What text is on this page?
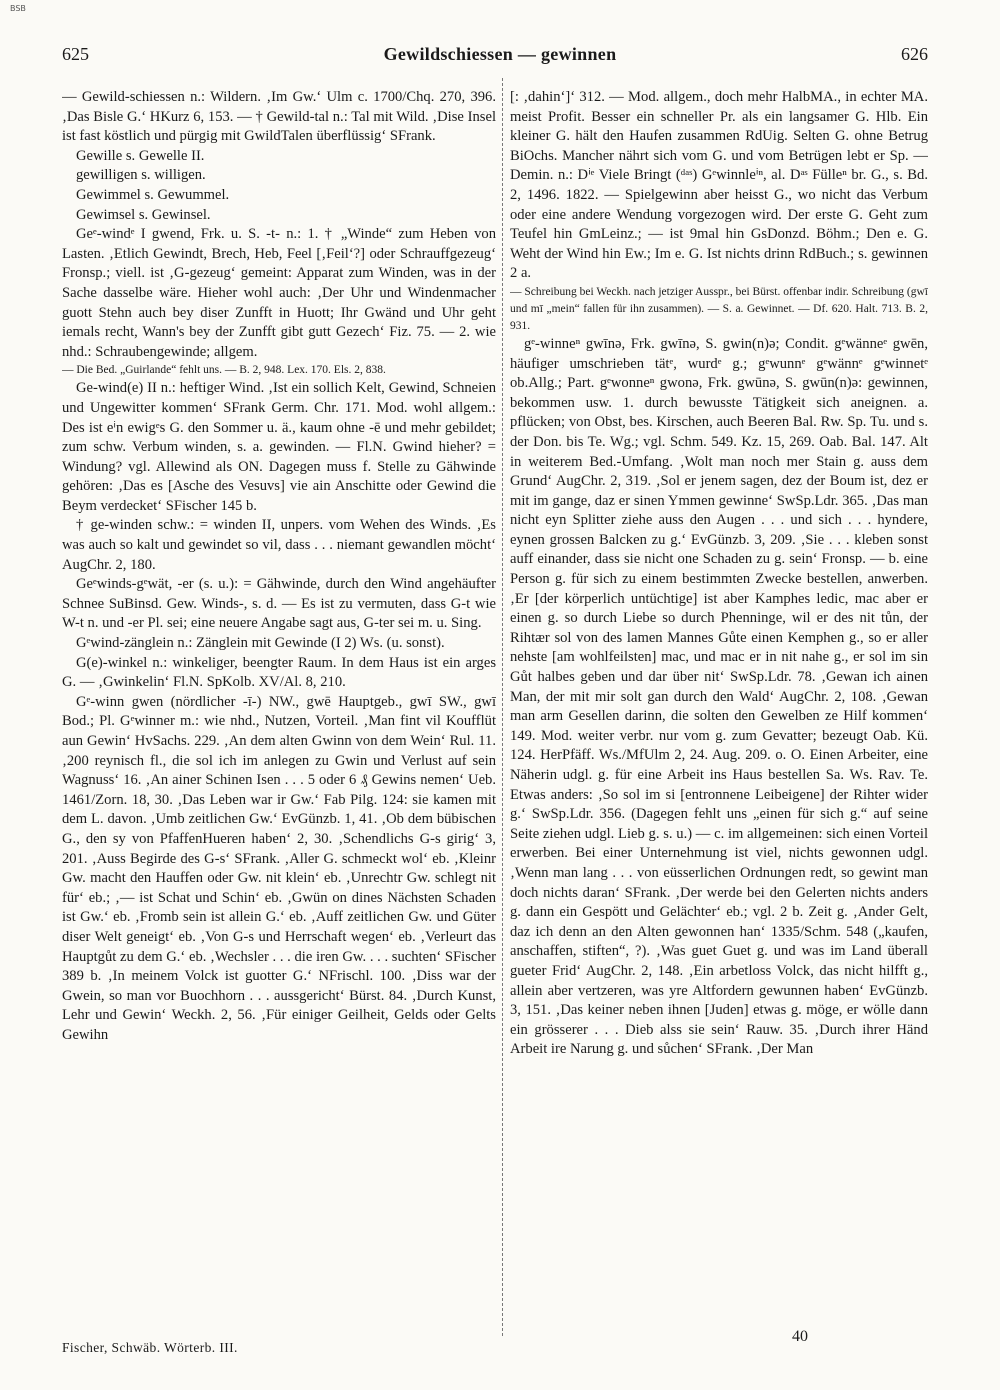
BSB
625	Gewildschiessen — gewinnen	626

— Gewild-schiessen n.: Wildern. ‚Im Gw.‘ Ulm c. 1700/Chq. 270, 396. ‚Das Bisle G.‘ HKurz 6, 153. — † Gewild-tal n.: Tal mit Wild. ‚Dise Insel ist fast köstlich und pürgig mit GwildTalen überflüssig‘ SFrank.

Gewille s. Gewelle II.

gewilligen s. willigen.

Gewimmel s. Gewummel.

Gewimsel s. Gewinsel.

Geᵉ-windᵉ I gwend, Frk. u. S. -t- n.: 1. † „Winde“ zum Heben von Lasten. ‚Etlich Gewindt, Brech, Heb, Feel [‚Feil‘?] oder Schrauffgezeug‘ Fronsp.; viell. ist ‚G-gezeug‘ gemeint: Apparat zum Winden, was in der Sache dasselbe wäre. Hieher wohl auch: ‚Der Uhr und Windenmacher guott Stehn auch bey diser Zunfft in Huott; Ihr Gwänd und Uhr geht iemals recht, Wann's bey der Zunfft gibt gutt Gezech‘ Fiz. 75. — 2. wie nhd.: Schraubengewinde; allgem.

— Die Bed. „Guirlande“ fehlt uns. — B. 2, 948. Lex. 170. Els. 2, 838.

Ge-wind(e) II n.: heftiger Wind. ‚Ist ein sollich Kelt, Gewind, Schneien und Ungewitter kommen‘ SFrank Germ. Chr. 171. Mod. wohl allgem.: Des ist eⁱn ewigᵉs G. den Sommer u. ä., kaum ohne -ē und mehr gebildet; zum schw. Verbum winden, s. a. gewinden. — Fl.N. Gwind hieher? = Windung? vgl. Allewind als ON. Dagegen muss f. Stelle zu Gähwinde gehören: ‚Das es [Asche des Vesuvs] vie ain Anschitte oder Gewind die Beym verdecket‘ SFischer 145 b.

† ge-winden schw.: = winden II, unpers. vom Wehen des Winds. ‚Es was auch so kalt und gewindet so vil, dass . . . niemant gewandlen möcht‘ AugChr. 2, 180.

Geᵉwinds-gᵉwät, -er (s. u.): = Gähwinde, durch den Wind angehäufter Schnee SuBinsd. Gew. Winds-, s. d. — Es ist zu vermuten, dass G-t wie W-t n. und -er Pl. sei; eine neuere Angabe sagt aus, G-ter sei m. u. Sing.

Gᵉwind-zänglein n.: Zänglein mit Gewinde (I 2) Ws. (u. sonst).

G(e)-winkel n.: winkeliger, beengter Raum. In dem Haus ist ein arges G. — ‚Gwinkelin‘ Fl.N. SpKolb. XV/Al. 8, 210.

Gᵉ-winn gwen (nördlicher -ī-) NW., gwē Hauptgeb., gwī SW., gwī Bod.; Pl. Gᵉwinner m.: wie nhd., Nutzen, Vorteil. ‚Man fint vil Koufflüt aun Gewin‘ HvSachs. 229. ‚An dem alten Gwinn von dem Wein‘ Rul. 11. ‚200 reynisch fl., die sol ich im anlegen zu Gwin und Verlust auf sein Wagnuss‘ 16. ‚An ainer Schinen Isen . . . 5 oder 6 ₰ Gewins nemen‘ Ueb. 1461/Zorn. 18, 30. ‚Das Leben war ir Gw.‘ Fab Pilg. 124: sie kamen mit dem L. davon. ‚Umb zeitlichen Gw.‘ EvGünzb. 1, 41. ‚Ob dem bübischen G., den sy von PfaffenHueren haben‘ 2, 30. ‚Schendlichs G-s girig‘ 3, 201. ‚Auss Begirde des G-s‘ SFrank. ‚Aller G. schmeckt wol‘ eb. ‚Kleinr Gw. macht den Hauffen oder Gw. nit klein‘ eb. ‚Unrechtr Gw. schlegt nit für‘ eb.; ‚— ist Schat und Schin‘ eb. ‚Gwün on dines Nächsten Schaden ist Gw.‘ eb. ‚Fromb sein ist allein G.‘ eb. ‚Auff zeitlichen Gw. und Güter diser Welt geneigt‘ eb. ‚Von G-s und Herrschaft wegen‘ eb. ‚Verleurt das Hauptgůt zu dem G.‘ eb. ‚Wechsler . . . die iren Gw. . . . suchten‘ SFischer 389 b. ‚In meinem Volck ist guotter G.‘ NFrischl. 100. ‚Diss war der Gwein, so man vor Buochhorn . . . aussgericht‘ Bürst. 84. ‚Durch Kunst, Lehr und Gewin‘ Weckh. 2, 56. ‚Für einiger Geilheit, Gelds oder Gelts Gewihn

[: ‚dahin‘]‘ 312. — Mod. allgem., doch mehr HalbMA., in echter MA. meist Profit. Besser ein schneller Pr. als ein langsamer G. Hlb. Ein kleiner G. hält den Haufen zusammen RdUig. Selten G. ohne Betrug BiOchs. Mancher nährt sich vom G. und vom Betrügen lebt er Sp. — Demin. n.: Dⁱᵉ Viele Bringt (ᵈᵃˢ) Gᵉwinnleⁱⁿ, al. Dᵃˢ Fülleⁿ br. G., s. Bd. 2, 1496. 1822. — Spielgewinn aber heisst G., wo nicht das Verbum oder eine andere Wendung vorgezogen wird. Der erste G. Geht zum Teufel hin GmLeinz.; — ist 9mal hin GsDonzd. Böhm.; Den e. G. Weht der Wind hin Ew.; Im e. G. Ist nichts drinn RdBuch.; s. gewinnen 2 a.

— Schreibung bei Weckh. nach jetziger Ausspr., bei Bürst. offenbar indir. Schreibung (gwī und mī „mein“ fallen für ihn zusammen). — S. a. Gewinnet. — Df. 620. Halt. 713. B. 2, 931.

gᵉ-winneⁿ gwīnə, Frk. gwīnə, S. gwin(n)ə; Condit. gᵉwänneᵉ gwēn, häufiger umschrieben tätᵉ, wurdᵉ g.; gᵉwunnᵉ gᵉwännᵉ gᵉwinnetᵉ ob.Allg.; Part. gᵉwonneⁿ gwonə, Frk. gwūnə, S. gwūn(n)ə: gewinnen, bekommen usw. 1. durch bewusste Tätigkeit sich aneignen. a. pflücken; von Obst, bes. Kirschen, auch Beeren Bal. Rw. Sp. Tu. und s. der Don. bis Te. Wg.; vgl. Schm. 549. Kz. 15, 269. Oab. Bal. 147. Alt in weiterem Bed.-Umfang. ‚Wolt man noch mer Stain g. auss dem Grund‘ AugChr. 2, 319. ‚Sol er jenem sagen, dez der Boum ist, dez er mit im gange, daz er sinen Ymmen gewinne‘ SwSp.Ldr. 365. ‚Das man nicht eyn Splitter ziehe auss den Augen . . . und sich . . . hyndere, eynen grossen Balcken zu g.‘ EvGünzb. 3, 209. ‚Sie . . . kleben sonst auff einander, dass sie nicht one Schaden zu g. sein‘ Fronsp. — b. eine Person g. für sich zu einem bestimmten Zwecke bestellen, anwerben. ‚Er [der körperlich untüchtige] ist aber Kamphes ledic, mac aber er einen g. so durch Liebe so durch Phenninge, wil er des nit tůn, der Rihtær sol von des lamen Mannes Gůte einen Kemphen g., so er aller nehste [am wohlfeilsten] mac, und mac er in nit nahe g., er sol im sin Gůt halbes geben und dar über nit‘ SwSp.Ldr. 78. ‚Gewan ich ainen Man, der mit mir solt gan durch den Wald‘ AugChr. 2, 108. ‚Gewan man arm Gesellen darinn, die solten den Gewelben ze Hilf kommen‘ 149. Mod. weiter verbr. nur vom g. zum Gevatter; bezeugt Oab. Kü. 124. HerPfäff. Ws./MfUlm 2, 24. Aug. 209. o. O. Einen Arbeiter, eine Näherin udgl. g. für eine Arbeit ins Haus bestellen Sa. Ws. Rav. Te. Etwas anders: ‚So sol im si [entronnene Leibeigene] der Rihter wider g.‘ SwSp.Ldr. 356. (Dagegen fehlt uns „einen für sich g.“ auf seine Seite ziehen udgl. Lieb g. s. u.) — c. im allgemeinen: sich einen Vorteil erwerben. Bei einer Unternehmung ist viel, nichts gewonnen udgl. ‚Wenn man lang . . . von eüsserlichen Ordnungen redt, so gewint man doch nichts daran‘ SFrank. ‚Der werde bei den Gelerten nichts anders g. dann ein Gespött und Gelächter‘ eb.; vgl. 2 b. Zeit g. ‚Ander Gelt, daz ich denn an den Alten gewonnen han‘ 1335/Schm. 548 („kaufen, anschaffen, stiften“, ?). ‚Was guet Guet g. und was im Land überall gueter Frid‘ AugChr. 2, 148. ‚Ein arbetloss Volck, das nicht hilfft g., allein aber vertzeren, was yre Altfordern gewunnen haben‘ EvGünzb. 3, 151. ‚Das keiner neben ihnen [Juden] etwas g. möge, er wölle dann ein grösserer . . . Dieb alss sie sein‘ Rauw. 35. ‚Durch ihrer Händ Arbeit ire Narung g. und sůchen‘ SFrank. ‚Der Man

40
Fischer, Schwäb. Wörterb. III.
